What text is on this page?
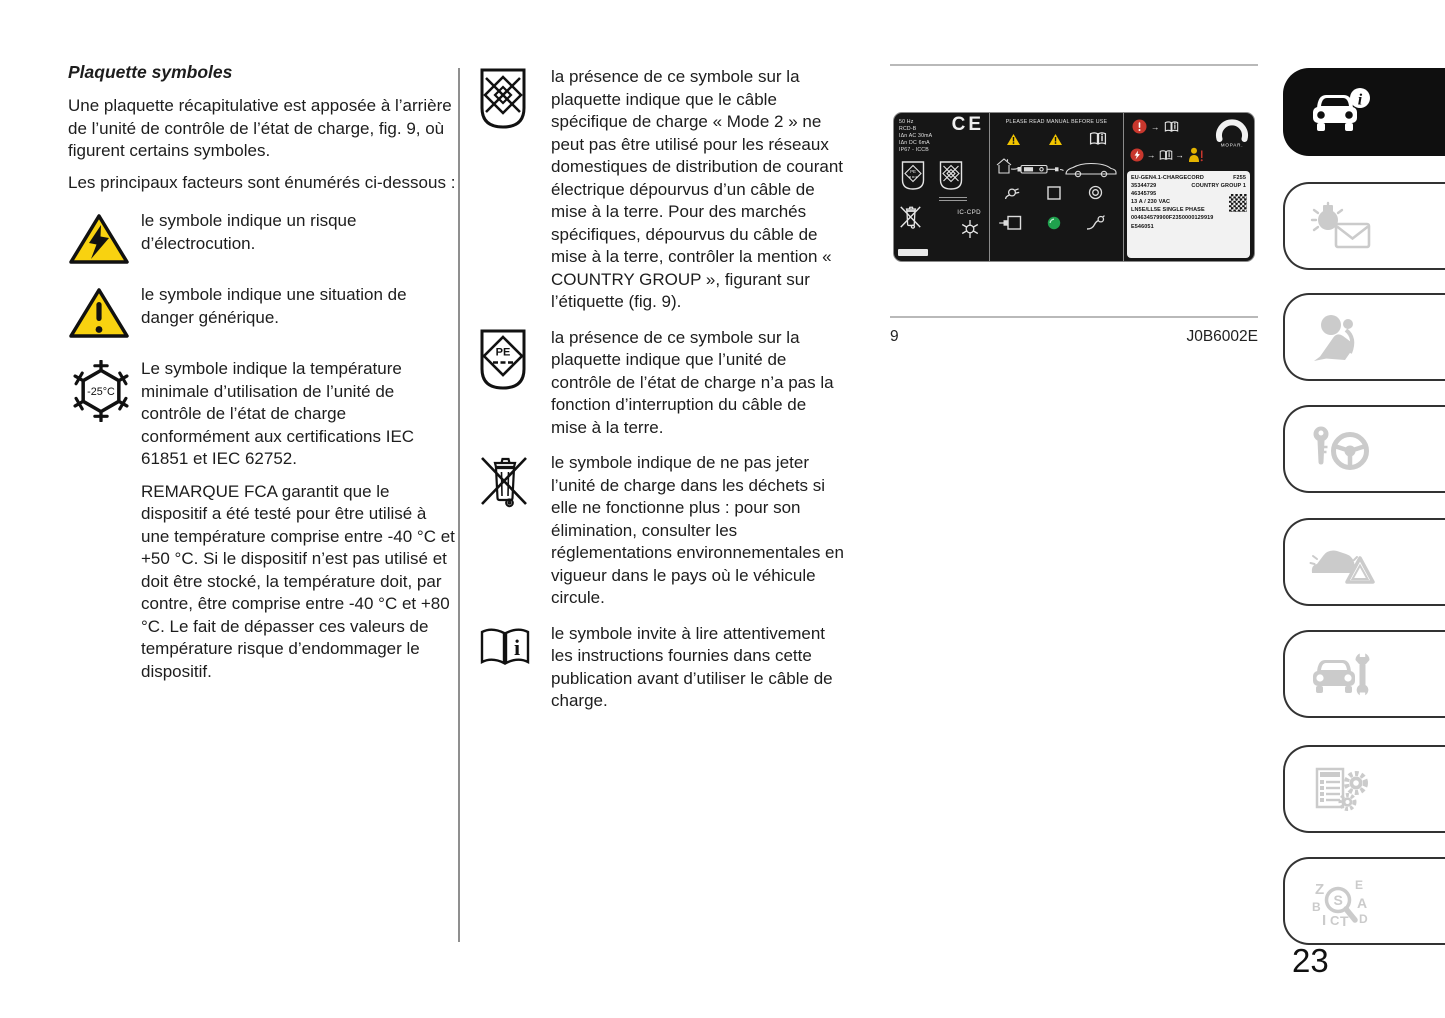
Plaquette symboles

Une plaquette récapitulative est apposée à l’arrière de l’unité de contrôle de l’état de charge, fig. 9, où figurent certains symboles.

Les principaux facteurs sont énumérés ci-dessous :

le symbole indique un risque d’électrocution.
le symbole indique une situation de danger générique.
-25°C

Le symbole indique la température minimale d’utilisation de l’unité de contrôle de l’état de charge conformément aux certifications IEC 61851 et IEC 62752.

REMARQUE FCA garantit que le dispositif a été testé pour être utilisé à une température comprise entre -40 °C et +50 °C. Si le dispositif n’est pas utilisé et doit être stocké, la température doit, par contre, être comprise entre -40 °C et +80 °C. Le fait de dépasser ces valeurs de température risque d’endommager le dispositif.

la présence de ce symbole sur la plaquette indique que le câble spécifique de charge « Mode 2 » ne peut pas être utilisé pour les réseaux domestiques de distribution de courant électrique dépourvus d’un câble de mise à la terre. Pour des marchés spécifiques, dépourvus du câble de mise à la terre, contrôler la mention « COUNTRY GROUP », figurant sur l’étiquette (fig. 9).
PE
la présence de ce symbole sur la plaquette indique que l’unité de contrôle de l’état de charge n’a pas la fonction d’interruption du câble de mise à la terre.
le symbole indique de ne pas jeter l’unité de charge dans les déchets si elle ne fonctionne plus : pour son élimination, consulter les réglementations environnementales en vigueur dans le pays où le véhicule circule.
i
le symbole invite à lire attentivement les instructions fournies dans cette publication avant d’utiliser le câble de charge.
50 Hz
RCD-B
IΔn AC 30mA
IΔn DC 6mA
IP67 - ICCB
CE
PE
IC-CPD
PLEASE READ MANUAL BEFORE USE	→
MOPAR.
→ →
EU-GEN4.1-CHARGECORD	F255
35344729	COUNTRY GROUP 1
46345795
13 A / 230 VAC
LN5E/LL5E SINGLE PHASE
004634579900F2350000129919
E546051
9	J0B6002E
i
Z	E
B	A
I C T D
S
23
